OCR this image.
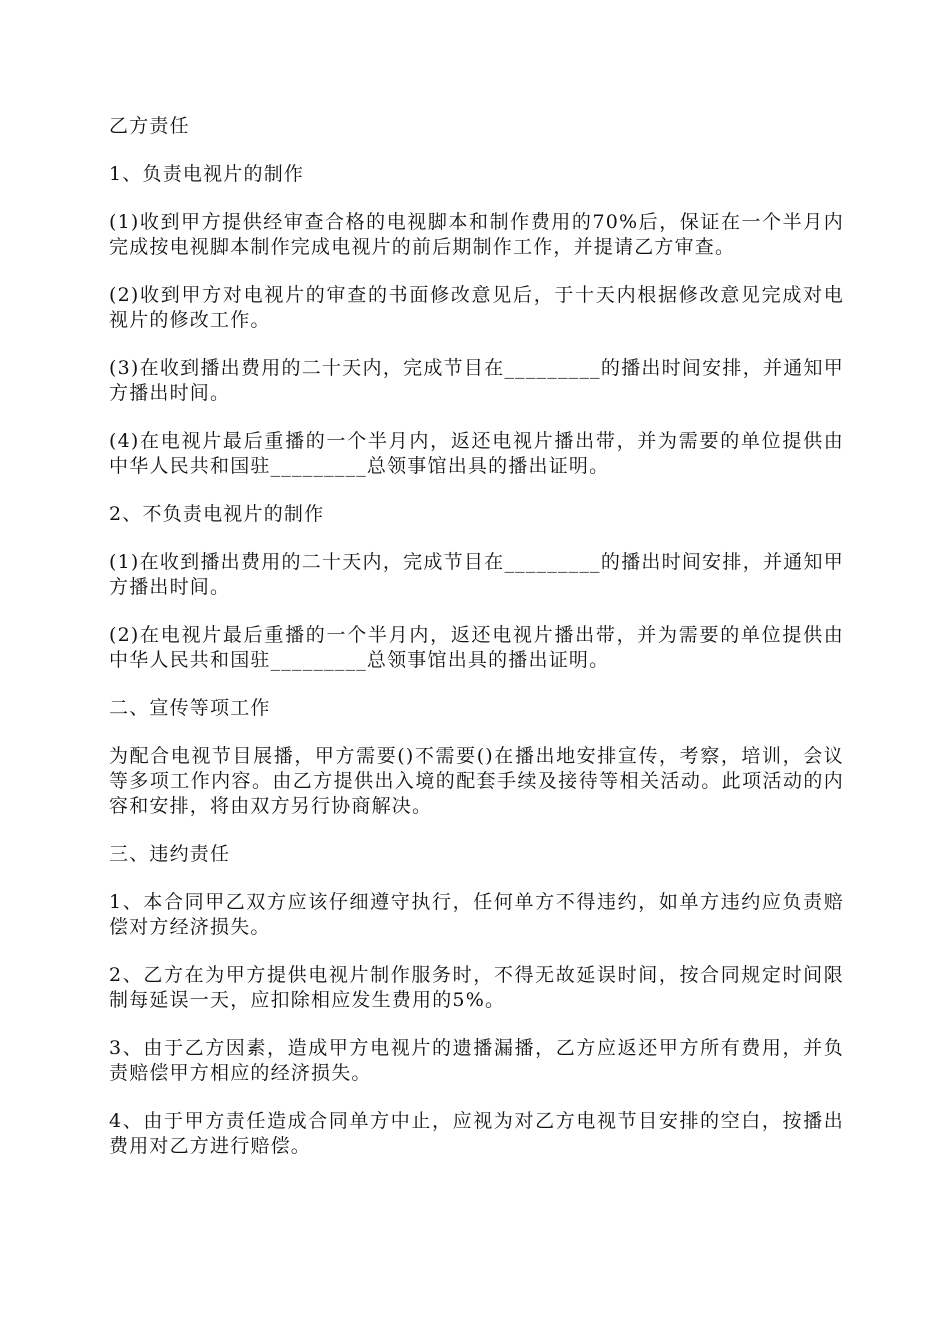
乙方责任

1、负责电视片的制作

(1)收到甲方提供经审查合格的电视脚本和制作费用的70%后，保证在一个半月内完成按电视脚本制作完成电视片的前后期制作工作，并提请乙方审查。

(2)收到甲方对电视片的审查的书面修改意见后，于十天内根据修改意见完成对电视片的修改工作。

(3)在收到播出费用的二十天内，完成节目在_________的播出时间安排，并通知甲方播出时间。

(4)在电视片最后重播的一个半月内，返还电视片播出带，并为需要的单位提供由中华人民共和国驻_________总领事馆出具的播出证明。

2、不负责电视片的制作

(1)在收到播出费用的二十天内，完成节目在_________的播出时间安排，并通知甲方播出时间。

(2)在电视片最后重播的一个半月内，返还电视片播出带，并为需要的单位提供由中华人民共和国驻_________总领事馆出具的播出证明。

二、宣传等项工作

为配合电视节目展播，甲方需要()不需要()在播出地安排宣传，考察，培训，会议等多项工作内容。由乙方提供出入境的配套手续及接待等相关活动。此项活动的内容和安排，将由双方另行协商解决。

三、违约责任

1、本合同甲乙双方应该仔细遵守执行，任何单方不得违约，如单方违约应负责赔偿对方经济损失。

2、乙方在为甲方提供电视片制作服务时，不得无故延误时间，按合同规定时间限制每延误一天，应扣除相应发生费用的5%。

3、由于乙方因素，造成甲方电视片的遗播漏播，乙方应返还甲方所有费用，并负责赔偿甲方相应的经济损失。

4、由于甲方责任造成合同单方中止，应视为对乙方电视节目安排的空白，按播出费用对乙方进行赔偿。
